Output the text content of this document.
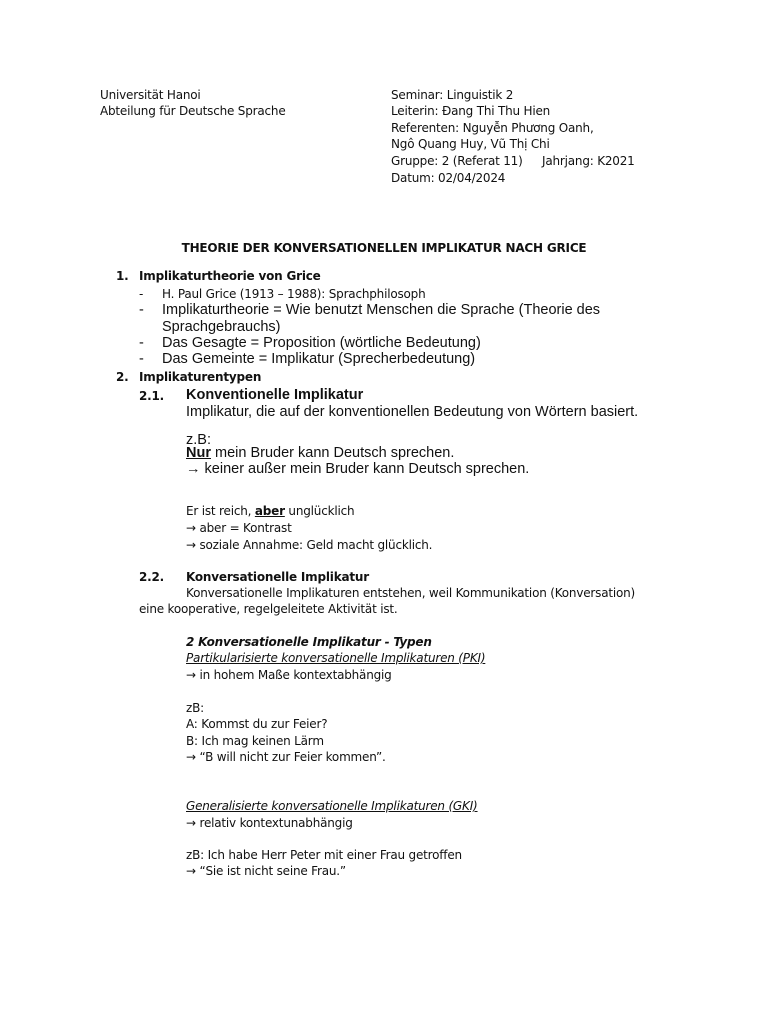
Universität Hanoi
Abteilung für Deutsche Sprache
Seminar: Linguistik 2
Leiterin: Đang Thi Thu Hien
Referenten: Nguyễn Phương Oanh,
Ngô Quang Huy, Vũ Thị Chi
Gruppe: 2 (Referat 11) Jahrjang: K2021
Datum: 02/04/2024
THEORIE DER KONVERSATIONELLEN IMPLIKATUR NACH GRICE
1. Implikaturtheorie von Grice
- H. Paul Grice (1913 – 1988): Sprachphilosoph
- Implikaturtheorie = Wie benutzt Menschen die Sprache (Theorie des
Sprachgebrauchs)
- Das Gesagte = Proposition (wörtliche Bedeutung)
- Das Gemeinte = Implikatur (Sprecherbedeutung)
2. Implikaturentypen
2.1. Konventionelle Implikatur
Implikatur, die auf der konventionellen Bedeutung von Wörtern basiert.
z.B:
Nur mein Bruder kann Deutsch sprechen.
→ keiner außer mein Bruder kann Deutsch sprechen.
Er ist reich, aber unglücklich
→ aber = Kontrast
→ soziale Annahme: Geld macht glücklich.
2.2. Konversationelle Implikatur
Konversationelle Implikaturen entstehen, weil Kommunikation (Konversation)
eine kooperative, regelgeleitete Aktivität ist.
2 Konversationelle Implikatur - Typen
Partikularisierte konversationelle Implikaturen (PKI)
→ in hohem Maße kontextabhängig
zB:
A: Kommst du zur Feier?
B: Ich mag keinen Lärm
→ “B will nicht zur Feier kommen”.
Generalisierte konversationelle Implikaturen (GKI)
→ relativ kontextunabhängig
zB: Ich habe Herr Peter mit einer Frau getroffen
→ “Sie ist nicht seine Frau.”
